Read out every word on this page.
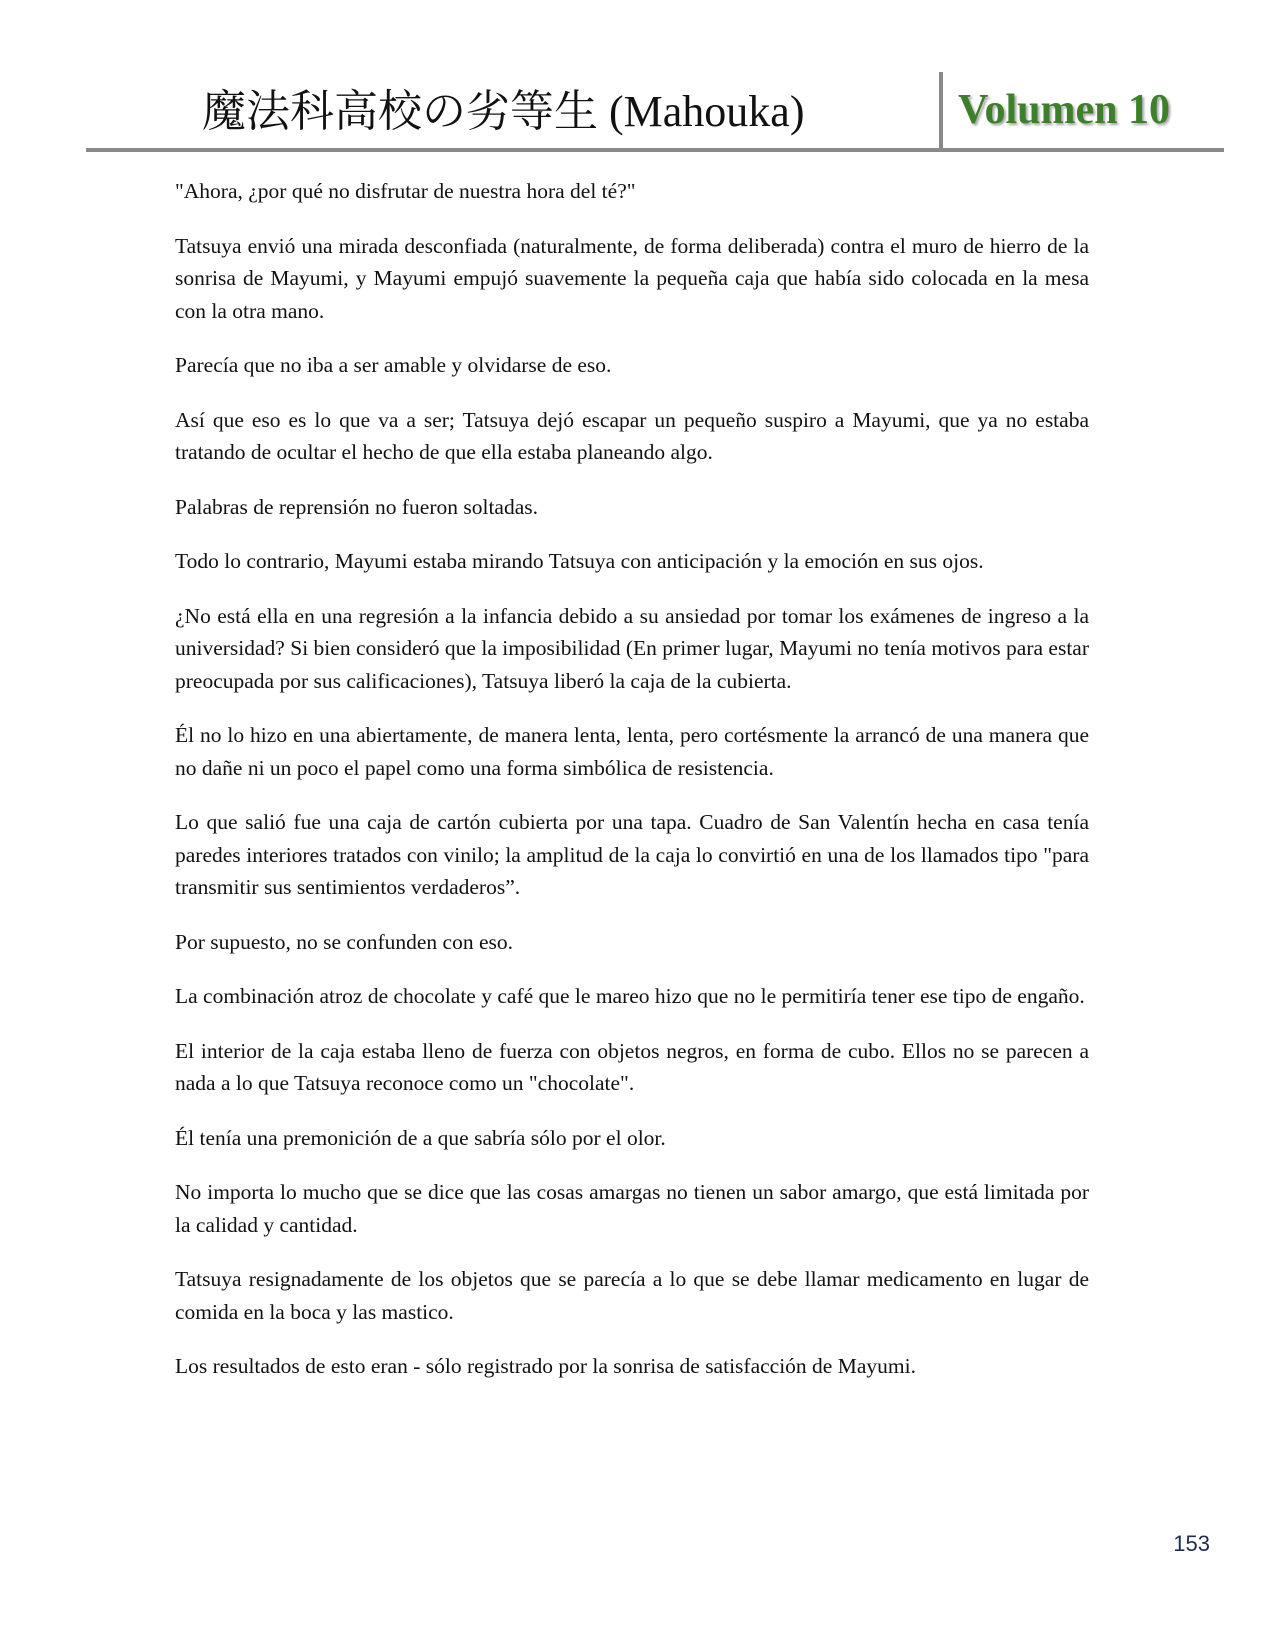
魔法科高校の劣等生 (Mahouka)	Volumen 10

"Ahora, ¿por qué no disfrutar de nuestra hora del té?"

Tatsuya envió una mirada desconfiada (naturalmente, de forma deliberada) contra el muro de hierro de la sonrisa de Mayumi, y Mayumi empujó suavemente la pequeña caja que había sido colocada en la mesa con la otra mano.

Parecía que no iba a ser amable y olvidarse de eso.

Así que eso es lo que va a ser; Tatsuya dejó escapar un pequeño suspiro a Mayumi, que ya no estaba tratando de ocultar el hecho de que ella estaba planeando algo.

Palabras de reprensión no fueron soltadas.

Todo lo contrario, Mayumi estaba mirando Tatsuya con anticipación y la emoción en sus ojos.

¿No está ella en una regresión a la infancia debido a su ansiedad por tomar los exámenes de ingreso a la universidad? Si bien consideró que la imposibilidad (En primer lugar, Mayumi no tenía motivos para estar preocupada por sus calificaciones), Tatsuya liberó la caja de la cubierta.

Él no lo hizo en una abiertamente, de manera lenta, lenta, pero cortésmente la arrancó de una manera que no dañe ni un poco el papel como una forma simbólica de resistencia.

Lo que salió fue una caja de cartón cubierta por una tapa. Cuadro de San Valentín hecha en casa tenía paredes interiores tratados con vinilo; la amplitud de la caja lo convirtió en una de los llamados tipo "para transmitir sus sentimientos verdaderos”.

Por supuesto, no se confunden con eso.

La combinación atroz de chocolate y café que le mareo hizo que no le permitiría tener ese tipo de engaño.

El interior de la caja estaba lleno de fuerza con objetos negros, en forma de cubo. Ellos no se parecen a nada a lo que Tatsuya reconoce como un "chocolate".

Él tenía una premonición de a que sabría sólo por el olor.

No importa lo mucho que se dice que las cosas amargas no tienen un sabor amargo, que está limitada por la calidad y cantidad.

Tatsuya resignadamente de los objetos que se parecía a lo que se debe llamar medicamento en lugar de comida en la boca y las mastico.

Los resultados de esto eran - sólo registrado por la sonrisa de satisfacción de Mayumi.

153
